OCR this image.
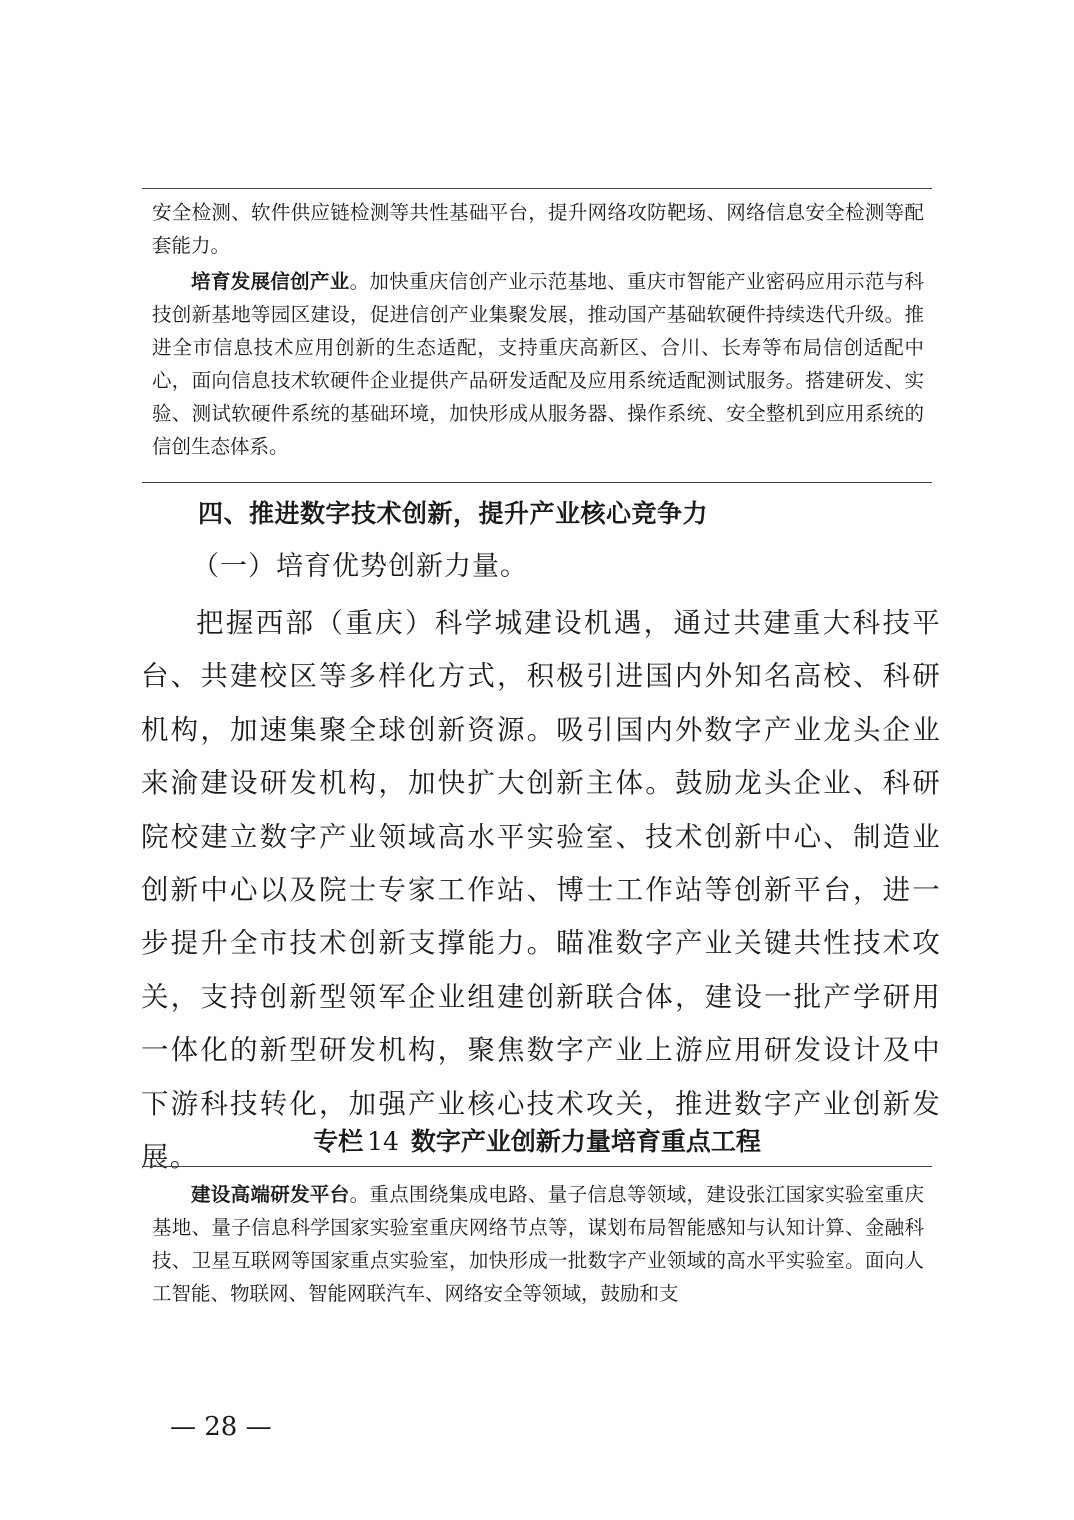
安全检测、软件供应链检测等共性基础平台，提升网络攻防靶场、网络信息安全检测等配套能力。

培育发展信创产业。加快重庆信创产业示范基地、重庆市智能产业密码应用示范与科技创新基地等园区建设，促进信创产业集聚发展，推动国产基础软硬件持续迭代升级。推进全市信息技术应用创新的生态适配，支持重庆高新区、合川、长寿等布局信创适配中心，面向信息技术软硬件企业提供产品研发适配及应用系统适配测试服务。搭建研发、实验、测试软硬件系统的基础环境，加快形成从服务器、操作系统、安全整机到应用系统的信创生态体系。

四、推进数字技术创新，提升产业核心竞争力
（一）培育优势创新力量。

把握西部（重庆）科学城建设机遇，通过共建重大科技平台、共建校区等多样化方式，积极引进国内外知名高校、科研机构，加速集聚全球创新资源。吸引国内外数字产业龙头企业来渝建设研发机构，加快扩大创新主体。鼓励龙头企业、科研院校建立数字产业领域高水平实验室、技术创新中心、制造业创新中心以及院士专家工作站、博士工作站等创新平台，进一步提升全市技术创新支撑能力。瞄准数字产业关键共性技术攻关，支持创新型领军企业组建创新联合体，建设一批产学研用一体化的新型研发机构，聚焦数字产业上游应用研发设计及中下游科技转化，加强产业核心技术攻关，推进数字产业创新发展。	专栏 14 数字产业创新力量培育重点工程

建设高端研发平台。重点围绕集成电路、量子信息等领域，建设张江国家实验室重庆基地、量子信息科学国家实验室重庆网络节点等，谋划布局智能感知与认知计算、金融科技、卫星互联网等国家重点实验室，加快形成一批数字产业领域的高水平实验室。面向人工智能、物联网、智能网联汽车、网络安全等领域，鼓励和支

— 28 —
